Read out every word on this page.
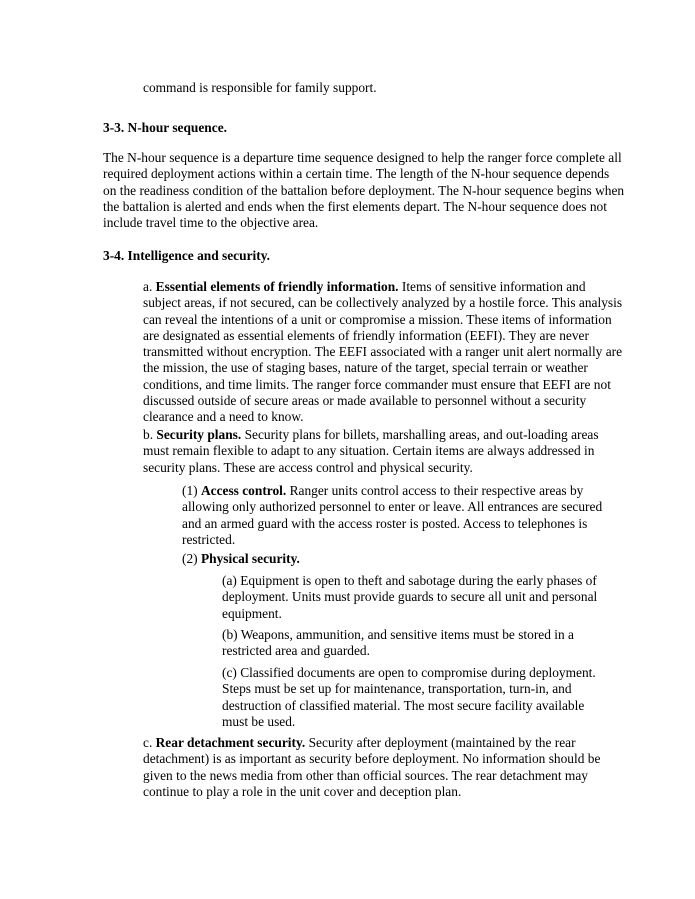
command is responsible for family support.

3-3. N-hour sequence.

The N-hour sequence is a departure time sequence designed to help the ranger force complete all required deployment actions within a certain time. The length of the N-hour sequence depends on the readiness condition of the battalion before deployment. The N-hour sequence begins when the battalion is alerted and ends when the first elements depart. The N-hour sequence does not include travel time to the objective area.

3-4. Intelligence and security.

a. Essential elements of friendly information. Items of sensitive information and subject areas, if not secured, can be collectively analyzed by a hostile force. This analysis can reveal the intentions of a unit or compromise a mission. These items of information are designated as essential elements of friendly information (EEFI). They are never transmitted without encryption. The EEFI associated with a ranger unit alert normally are the mission, the use of staging bases, nature of the target, special terrain or weather conditions, and time limits. The ranger force commander must ensure that EEFI are not discussed outside of secure areas or made available to personnel without a security clearance and a need to know.

b. Security plans. Security plans for billets, marshalling areas, and out-loading areas must remain flexible to adapt to any situation. Certain items are always addressed in security plans. These are access control and physical security.

(1) Access control. Ranger units control access to their respective areas by allowing only authorized personnel to enter or leave. All entrances are secured and an armed guard with the access roster is posted. Access to telephones is restricted.

(2) Physical security.

(a) Equipment is open to theft and sabotage during the early phases of deployment. Units must provide guards to secure all unit and personal equipment.

(b) Weapons, ammunition, and sensitive items must be stored in a restricted area and guarded.

(c) Classified documents are open to compromise during deployment. Steps must be set up for maintenance, transportation, turn-in, and destruction of classified material. The most secure facility available must be used.

c. Rear detachment security. Security after deployment (maintained by the rear detachment) is as important as security before deployment. No information should be given to the news media from other than official sources. The rear detachment may continue to play a role in the unit cover and deception plan.
